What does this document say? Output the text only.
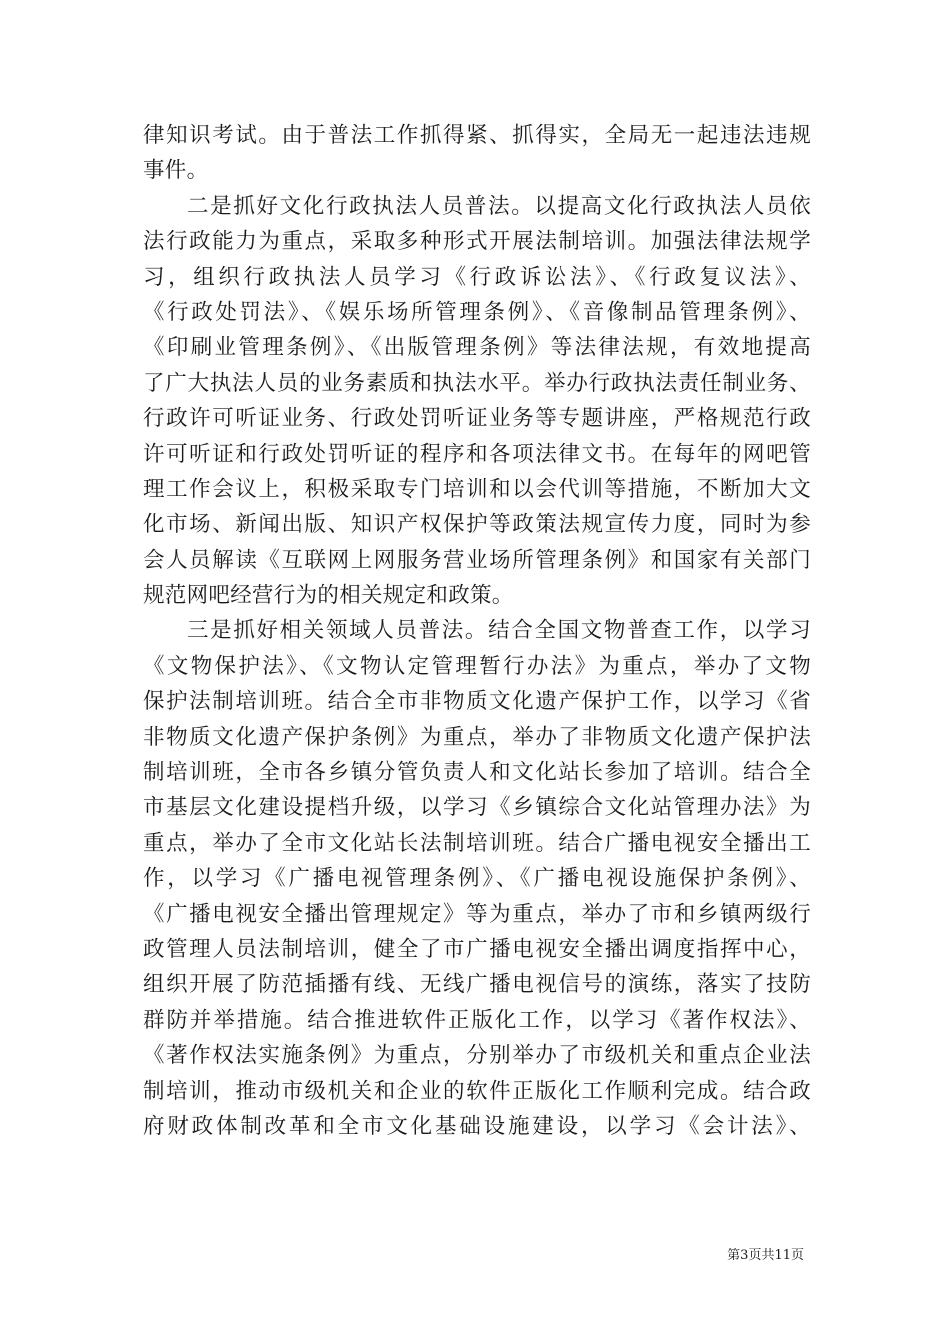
律知识考试。由于普法工作抓得紧、抓得实，全局无一起违法违规
事件。
二是抓好文化行政执法人员普法。以提高文化行政执法人员依
法行政能力为重点，采取多种形式开展法制培训。加强法律法规学
习，组织行政执法人员学习《行政诉讼法》、《行政复议法》、
《行政处罚法》、《娱乐场所管理条例》、《音像制品管理条例》、
《印刷业管理条例》、《出版管理条例》等法律法规，有效地提高
了广大执法人员的业务素质和执法水平。举办行政执法责任制业务、
行政许可听证业务、行政处罚听证业务等专题讲座，严格规范行政
许可听证和行政处罚听证的程序和各项法律文书。在每年的网吧管
理工作会议上，积极采取专门培训和以会代训等措施，不断加大文
化市场、新闻出版、知识产权保护等政策法规宣传力度，同时为参
会人员解读《互联网上网服务营业场所管理条例》和国家有关部门
规范网吧经营行为的相关规定和政策。
三是抓好相关领域人员普法。结合全国文物普查工作，以学习
《文物保护法》、《文物认定管理暂行办法》为重点，举办了文物
保护法制培训班。结合全市非物质文化遗产保护工作，以学习《省
非物质文化遗产保护条例》为重点，举办了非物质文化遗产保护法
制培训班，全市各乡镇分管负责人和文化站长参加了培训。结合全
市基层文化建设提档升级，以学习《乡镇综合文化站管理办法》为
重点，举办了全市文化站长法制培训班。结合广播电视安全播出工
作，以学习《广播电视管理条例》、《广播电视设施保护条例》、
《广播电视安全播出管理规定》等为重点，举办了市和乡镇两级行
政管理人员法制培训，健全了市广播电视安全播出调度指挥中心，
组织开展了防范插播有线、无线广播电视信号的演练，落实了技防
群防并举措施。结合推进软件正版化工作，以学习《著作权法》、
《著作权法实施条例》为重点，分别举办了市级机关和重点企业法
制培训，推动市级机关和企业的软件正版化工作顺利完成。结合政
府财政体制改革和全市文化基础设施建设，以学习《会计法》、
第3页共11页
